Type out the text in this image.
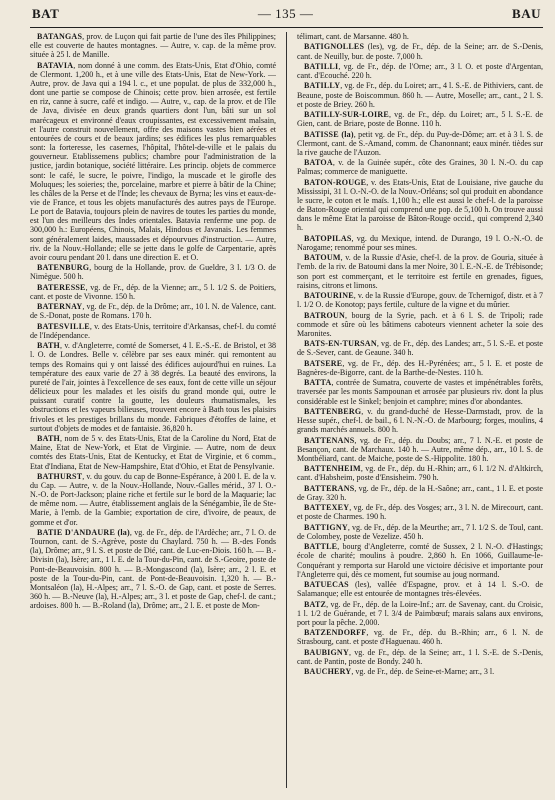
BAT	— 135 —	BAU

BATANGAS, prov. de Luçon qui fait partie de l'une des îles Philippines; elle est couverte de hautes montagnes. — Autre, v. cap. de la même prov. située à 25 l. de Manille.

BATAVIA, nom donné à une comm. des Etats-Unis, Etat d'Ohio, comté de Clermont. 1,200 h., et à une ville des Etats-Unis, Etat de New-York. — Autre, prov. de Java qui a 194 l. c., et une populat. de plus de 332,000 h., dont une partie se compose de Chinois; cette prov. bien arrosée, est fertile en riz, canne à sucre, café et indigo. — Autre, v., cap. de la prov. et de l'île de Java, divisée en deux grands quartiers dont l'un, bâti sur un sol marécageux et environné d'eaux croupissantes, est excessivement malsain, et l'autre construit nouvellement, offre des maisons vastes bien aérées et entourées de cours et de beaux jardins; ses édifices les plus remarquables sont: la forteresse, les casernes, l'hôpital, l'hôtel-de-ville et le palais du gouverneur. Etablissemens publics; chambre pour l'administration de la justice, jardin botanique, société littéraire. Les princip. objets de commerce sont: le café, le sucre, le poivre, l'indigo, la muscade et le girofle des Moluques; les soieries; the, porcelaine, marbre et pierre à bâtir de la Chine; les châles de la Perse et de l'Inde; les chevaux de Byrna; les vins et eaux-de-vie de France, et tous les objets manufacturés des autres pays de l'Europe. Le port de Batavia, toujours plein de navires de toutes les parties du monde, est l'un des meilleurs des Indes orientales. Batavia renferme une pop. de 300,000 h.: Européens, Chinois, Malais, Hindous et Javanais. Les femmes sont généralement laides, maussades et dépourvues d'instruction. — Autre, riv. de la Nouv.-Hollande; elle se jette dans le golfe de Carpentarie, après avoir couru pendant 20 l. dans une direction E. et O.

BATENBURG, bourg de la Hollande, prov. de Gueldre, 3 l. 1/3 O. de Nimègue. 500 h.

BATERESSE, vg. de Fr., dép. de la Vienne; arr., 5 l. 1/2 S. de Poitiers, cant. et poste de Vivonne. 150 h.

BATERNAY, vg. de Fr., dép. de la Drôme; arr., 10 l. N. de Valence, cant. de S.-Donat, poste de Romans. 170 h.

BATESVILLE, v. des Etats-Unis, territoire d'Arkansas, chef-l. du comté de l'Indépendance.

BATH, v. d'Angleterre, comté de Somerset, 4 l. E.-S.-E. de Bristol, et 38 l. O. de Londres. Belle v. célèbre par ses eaux minér. qui remontent au temps des Romains qui y ont laissé des édifices aujourd'hui en ruines. La température des eaux varie de 27 à 38 degrés. La beauté des environs, la pureté de l'air, jointes à l'excellence de ses eaux, font de cette ville un séjour délicieux pour les malades et les oisifs du grand monde qui, outre le puissant curatif contre la goutte, les douleurs rhumatismales, les obstructions et les vapeurs bilieuses, trouvent encore à Bath tous les plaisirs frivoles et les prestiges brillans du monde. Fabriques d'étoffes de laine, et surtout d'objets de modes et de fantaisie. 36,820 h.

BATH, nom de 5 v. des Etats-Unis, Etat de la Caroline du Nord, Etat de Maine, Etat de New-York, et Etat de Virginie. — Autre, nom de deux comtés des Etats-Unis, Etat de Kentucky, et Etat de Virginie, et 6 comm., Etat d'Indiana, Etat de New-Hampshire, Etat d'Ohio, et Etat de Pensylvanie.

BATHURST, v. du gouv. du cap de Bonne-Espérance, à 200 l. E. de la v. du Cap. — Autre, v. de la Nouv.-Hollande, Nouv.-Galles mérid., 37 l. O.-N.-O. de Port-Jackson; plaine riche et fertile sur le bord de la Maquarie; lac de même nom. — Autre, établissement anglais de la Sénégambie, île de Ste-Marie, à l'emb. de la Gambie; exportation de cire, d'ivoire, de peaux, de gomme et d'or.

BATIE D'ANDAURE (la), vg. de Fr., dép. de l'Ardèche; arr., 7 l. O. de Tournon, cant. de S.-Agrève, poste du Chaylard. 750 h. — B.-des Fonds (la), Drôme; arr., 9 l. S. et poste de Dié, cant. de Luc-en-Diois. 160 h. — B.-Divisin (la), Isère; arr., 1 l. E. de la Tour-du-Pin, cant. de S.-Geoire, poste de Pont-de-Beauvoisin. 800 h. — B.-Mongascond (la), Isère; arr., 2 l. E. et poste de la Tour-du-Pin, cant. de Pont-de-Beauvoisin. 1,320 h. — B.-Montsaléon (la), H.-Alpes; arr., 7 l. S.-O. de Gap, cant. et poste de Serres. 360 h. — B.-Neuve (la), H.-Alpes; arr., 3 l. et poste de Gap, chef-l. de cant.; ardoises. 800 h. — B.-Roland (la), Drôme; arr., 2 l. E. et poste de Mon-

télimart, cant. de Marsanne. 480 h.

BATIGNOLLES (les), vg. de Fr., dép. de la Seine; arr. de S.-Denis, cant. de Neuilly, bur. de poste. 7,000 h.

BATILLI, vg. de Fr., dép. de l'Orne; arr., 3 l. O. et poste d'Argentan, cant. d'Ecouché. 220 h.

BATILLY, vg. de Fr., dép. du Loiret; arr., 4 l. S.-E. de Pithiviers, cant. de Beaune, poste de Boiscommun. 860 h. — Autre, Moselle; arr., cant., 2 l. S. et poste de Briey. 260 h.

BATILLY-SUR-LOIRE, vg. de Fr., dép. du Loiret; arr., 5 l. S.-E. de Gien, cant. de Briare, poste de Bonne. 110 h.

BATISSE (la), petit vg. de Fr., dép. du Puy-de-Dôme; arr. et à 3 l. S. de Clermont, cant. de S.-Amand, comm. de Chanonnant; eaux minér. tièdes sur la rive gauche de l'Auzon.

BATOA, v. de la Guinée supér., côte des Graines, 30 l. N.-O. du cap Palmas; commerce de maniguette.

BATON-ROUGE, v. des Etats-Unis, Etat de Louisiane, rive gauche du Mississipi, 31 l. O.-N.-O. de la Nouv.-Orléans; sol qui produit en abondance le sucre, le coton et le maïs. 1,100 h.; elle est aussi le chef-l. de la paroisse de Baton-Rouge oriental qui comprend une pop. de 5,100 h. On trouve aussi dans le même Etat la paroisse de Bâton-Rouge occid., qui comprend 2,340 h.

BATOPILAS, vg. du Mexique, intend. de Durango, 19 l. O.-N.-O. de Narogame; renommé pour ses mines.

BATOUM, v. de la Russie d'Asie, chef-l. de la prov. de Gouria, située à l'emb. de la riv. de Batoumi dans la mer Noire, 30 l. E.-N.-E. de Trébisonde; son port est commerçant, et le territoire est fertile en grenades, figues, raisins, citrons et limons.

BATOURINE, v. de la Russie d'Europe, gouv. de Tchernigof, distr. et à 7 l. 1/2 O. de Konotop; pays fertile, culture de la vigne et du mûrier.

BATROUN, bourg de la Syrie, pach. et à 6 l. S. de Tripoli; rade commode et sûre où les bâtimens caboteurs viennent acheter la soie des Maronites.

BATS-EN-TURSAN, vg. de Fr., dép. des Landes; arr., 5 l. S.-E. et poste de S.-Sever, cant. de Geaune. 340 h.

BATSERE, vg. de Fr., dép. des H.-Pyrénées; arr., 5 l. E. et poste de Bagnères-de-Bigorre, cant. de la Barthe-de-Nestes. 110 h.

BATTA, contrée de Sumatra, couverte de vastes et impénétrables forêts, traversée par les monts Sampounan et arrosée par plusieurs riv. dont la plus considérable est le Sinkel; benjoin et camphre; mines d'or abondantes.

BATTENBERG, v. du grand-duché de Hesse-Darmstadt, prov. de la Hesse supér., chef-l. de bail., 6 l. N.-N.-O. de Marbourg; forges, moulins, 4 grands marchés annuels. 800 h.

BATTENANS, vg. de Fr., dép. du Doubs; arr., 7 l. N.-E. et poste de Besançon, cant. de Marchaux. 140 h. — Autre, même dép., arr., 10 l. S. de Montbéliard, cant. de Maiche, poste de S.-Hippolite. 180 h.

BATTENHEIM, vg. de Fr., dép. du H.-Rhin; arr., 6 l. 1/2 N. d'Altkirch, cant. d'Habsheim, poste d'Ensisheim. 790 h.

BATTERANS, vg. de Fr., dép. de la H.-Saône; arr., cant., 1 l. E. et poste de Gray. 320 h.

BATTEXEY, vg. de Fr., dép. des Vosges; arr., 3 l. N. de Mirecourt, cant. et poste de Charmes. 190 h.

BATTIGNY, vg. de Fr., dép. de la Meurthe; arr., 7 l. 1/2 S. de Toul, cant. de Colombey, poste de Vezelize. 450 h.

BATTLE, bourg d'Angleterre, comté de Sussex, 2 l. N.-O. d'Hastings; école de charité; moulins à poudre. 2,860 h. En 1066, Guillaume-le-Conquérant y remporta sur Harold une victoire décisive et importante pour l'Angleterre qui, dès ce moment, fut soumise au joug normand.

BATUECAS (les), vallée d'Espagne, prov. et à 14 l. S.-O. de Salamanque; elle est entourée de montagnes très-élevées.

BATZ, vg. de Fr., dép. de la Loire-Inf.; arr. de Savenay, cant. du Croisic, 1 l. 1/2 de Guérande, et 7 l. 3/4 de Paimbœuf; marais salans aux environs, port pour la pêche. 2,000.

BATZENDORFF, vg. de Fr., dép. du B.-Rhin; arr., 6 l. N. de Strasbourg, cant. et poste d'Haguenau. 460 h.

BAUBIGNY, vg. de Fr., dép. de la Seine; arr., 1 l. S.-E. de S.-Denis, cant. de Pantin, poste de Bondy. 240 h.

BAUCHERY, vg. de Fr., dép. de Seine-et-Marne; arr., 3 l.
